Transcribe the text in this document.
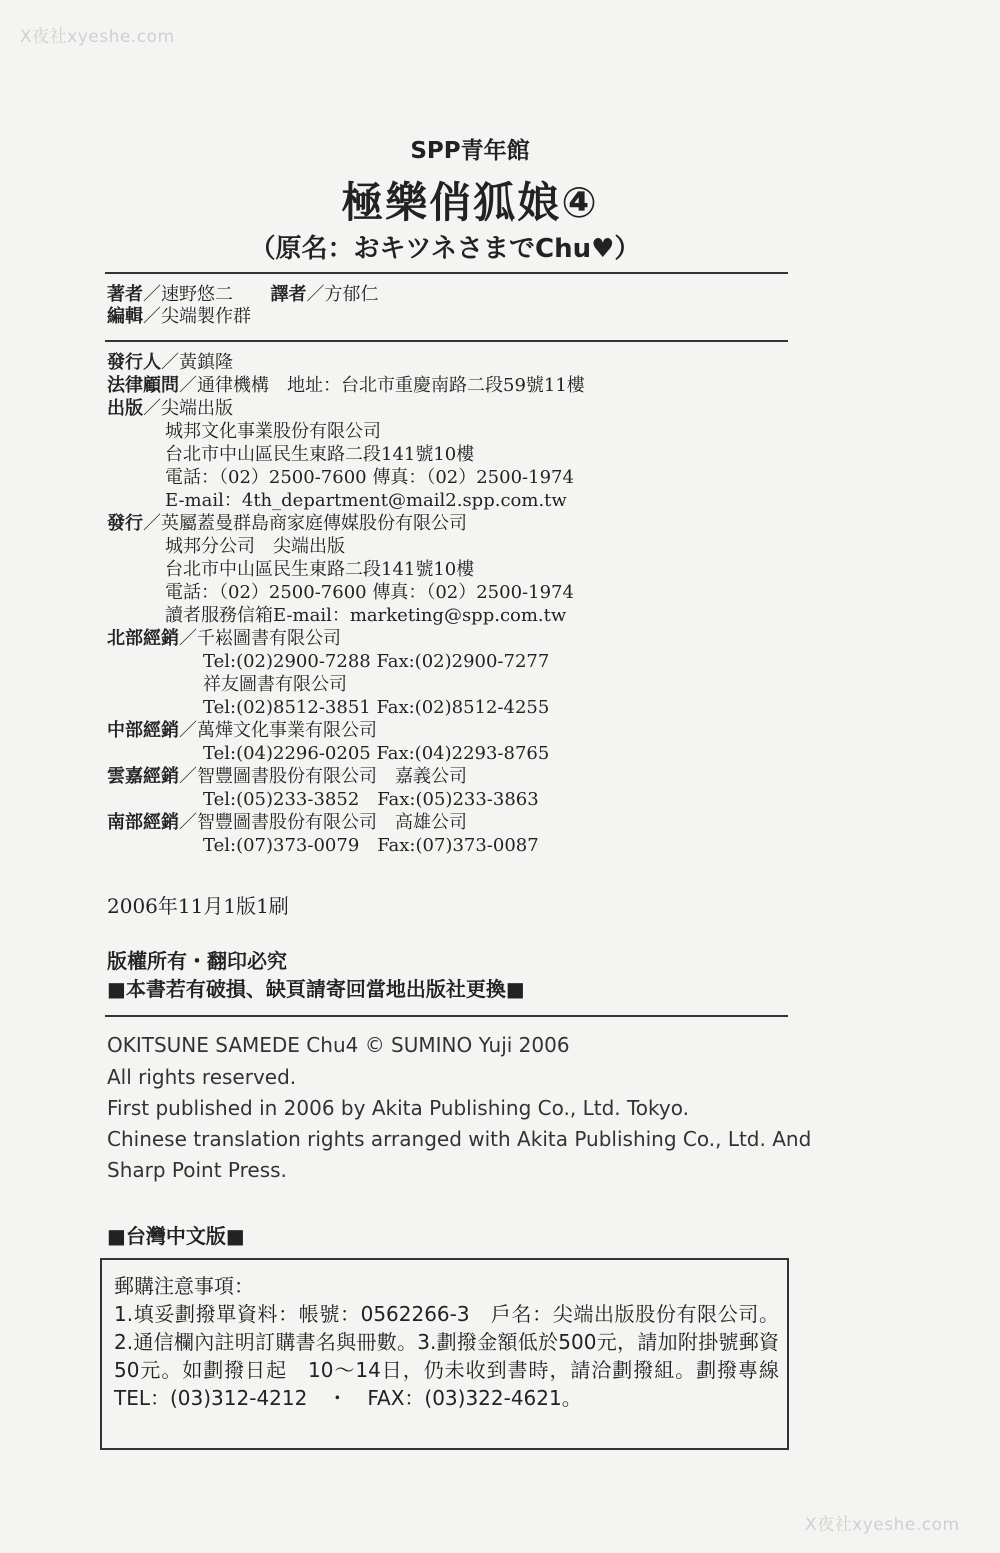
X夜社xyeshe.com
SPP青年館
極樂俏狐娘④
（原名：おキツネさまでChu♥）
著者／速野悠二 譯者／方郁仁
編輯／尖端製作群
發行人／黃鎮隆
法律顧問／通律機構　地址：台北市重慶南路二段59號11樓
出版／尖端出版
城邦文化事業股份有限公司
台北市中山區民生東路二段141號10樓
電話：（02）2500-7600 傳真：（02）2500-1974
E-mail：4th_department@mail2.spp.com.tw
發行／英屬蓋曼群島商家庭傳媒股份有限公司
城邦分公司　尖端出版
台北市中山區民生東路二段141號10樓
電話：（02）2500-7600 傳真：（02）2500-1974
讀者服務信箱E-mail：marketing@spp.com.tw
北部經銷／千崧圖書有限公司
Tel:(02)2900-7288 Fax:(02)2900-7277
祥友圖書有限公司
Tel:(02)8512-3851 Fax:(02)8512-4255
中部經銷／萬燁文化事業有限公司
Tel:(04)2296-0205 Fax:(04)2293-8765
雲嘉經銷／智豐圖書股份有限公司　嘉義公司
Tel:(05)233-3852　Fax:(05)233-3863
南部經銷／智豐圖書股份有限公司　高雄公司
Tel:(07)373-0079　Fax:(07)373-0087
2006年11月1版1刷
版權所有・翻印必究
■本書若有破損、缺頁請寄回當地出版社更換■
OKITSUNE SAMEDE Chu4 © SUMINO Yuji 2006
All rights reserved.
First published in 2006 by Akita Publishing Co., Ltd. Tokyo.
Chinese translation rights arranged with Akita Publishing Co., Ltd. And
Sharp Point Press.
■台灣中文版■

郵購注意事項：

1.填妥劃撥單資料：帳號：0562266-3　戶名：尖端出版股份有限公司。2.通信欄內註明訂購書名與冊數。3.劃撥金額低於500元，請加附掛號郵資50元。如劃撥日起　10～14日，仍未收到書時，請洽劃撥組。劃撥專線TEL：(03)312-4212　・　FAX：(03)322-4621。

X夜社xyeshe.com
